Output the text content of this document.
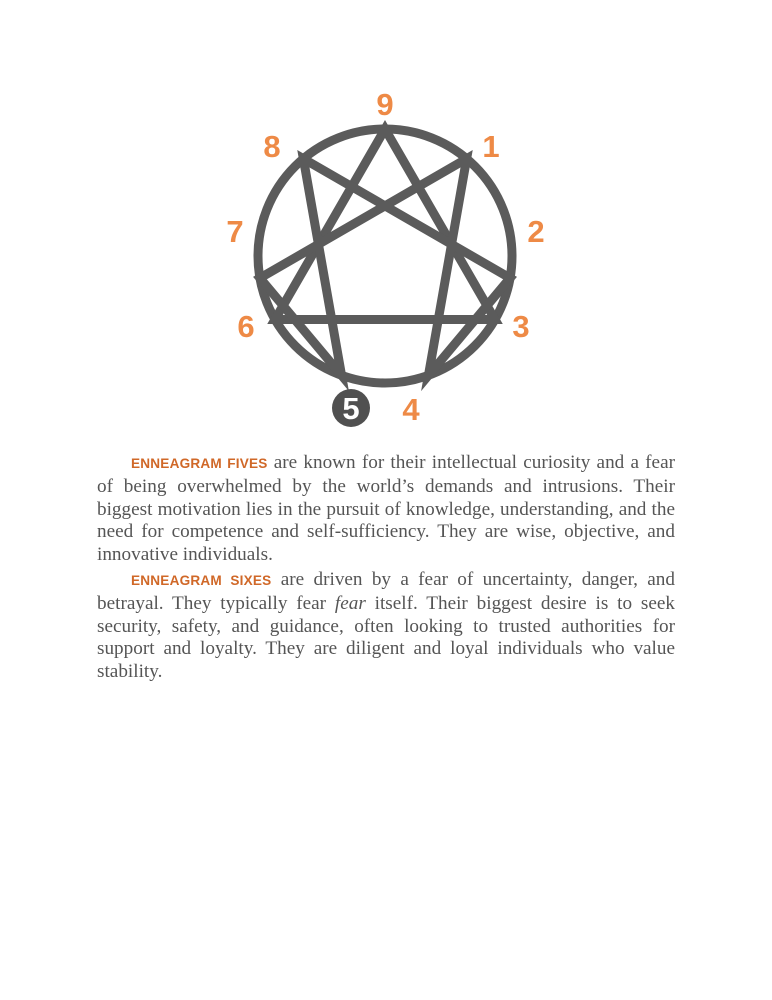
9
1
2
3
4
5
6
7
8

ENNEAGRAM FIVES are known for their intellectual curiosity and a fear of being overwhelmed by the world’s demands and intrusions. Their biggest motivation lies in the pursuit of knowledge, understanding, and the need for competence and self-sufficiency. They are wise, objective, and innovative individuals.

ENNEAGRAM SIXES are driven by a fear of uncertainty, danger, and betrayal. They typically fear fear itself. Their biggest desire is to seek security, safety, and guidance, often looking to trusted authorities for support and loyalty. They are diligent and loyal individuals who value stability.
